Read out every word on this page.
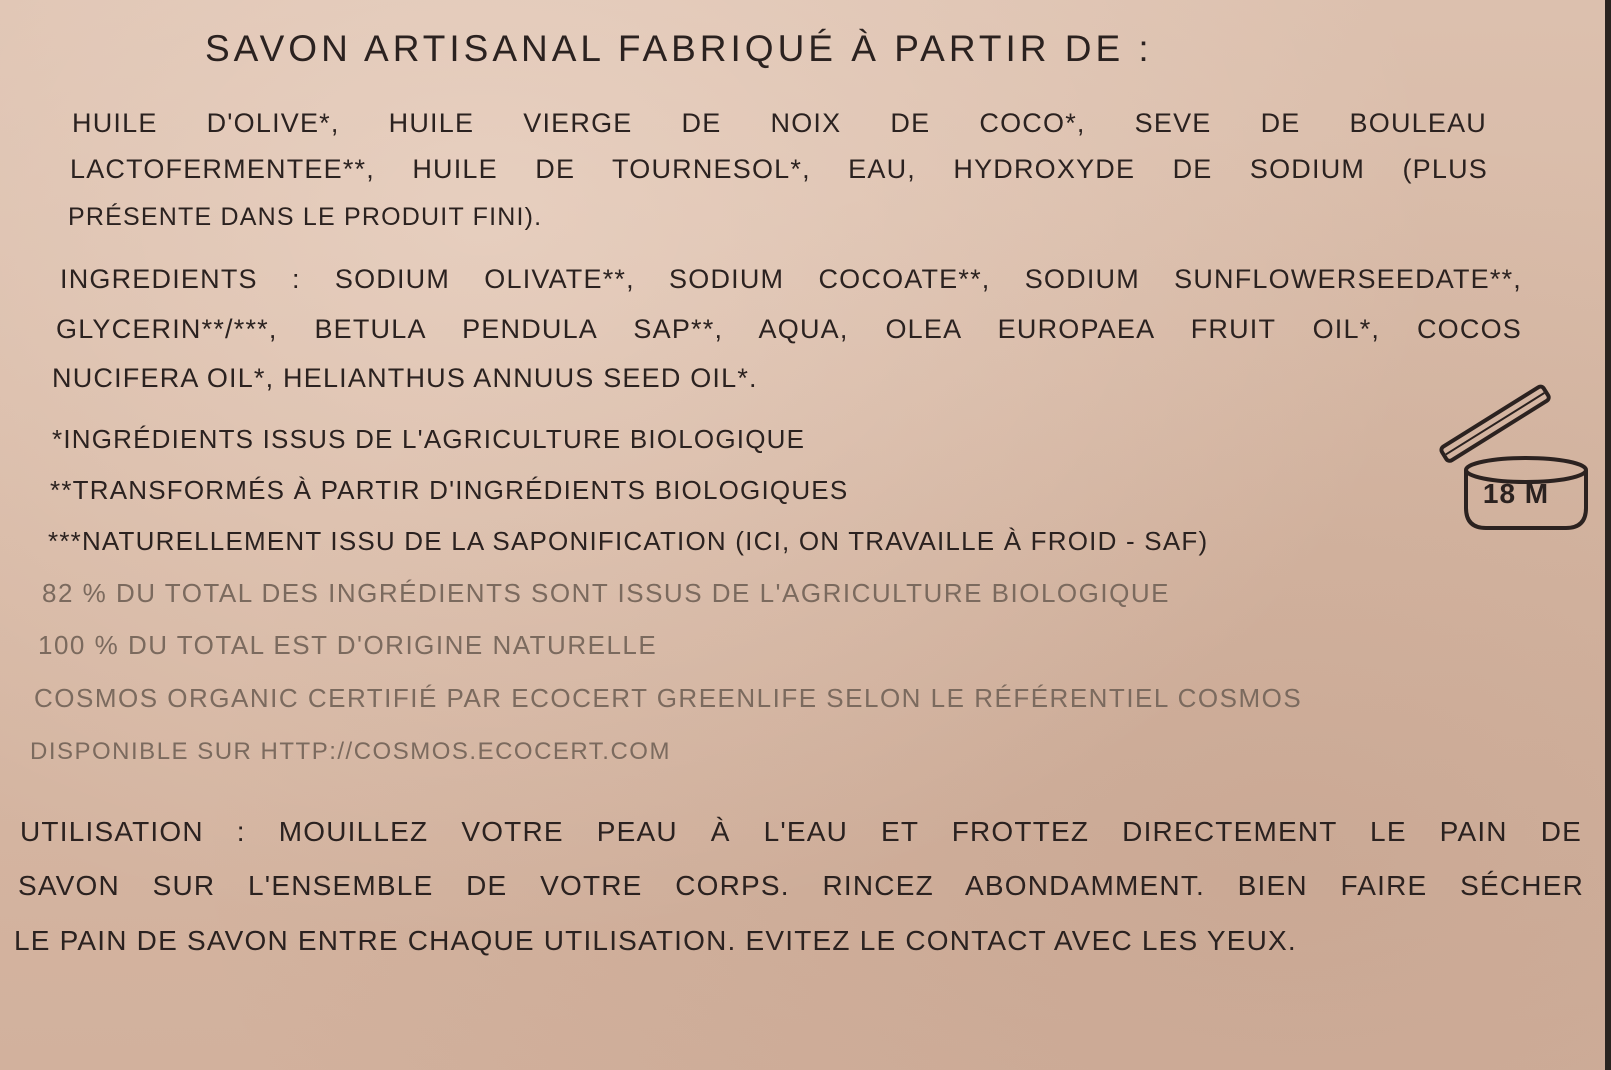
SAVON ARTISANAL FABRIQUÉ À PARTIR DE :
HUILE D'OLIVE*, HUILE VIERGE DE NOIX DE COCO*, SEVE DE BOULEAU
LACTOFERMENTEE**, HUILE DE TOURNESOL*, EAU, HYDROXYDE DE SODIUM (PLUS
PRÉSENTE DANS LE PRODUIT FINI).
INGREDIENTS : SODIUM OLIVATE**, SODIUM COCOATE**, SODIUM SUNFLOWERSEEDATE**,
GLYCERIN**/***, BETULA PENDULA SAP**, AQUA, OLEA EUROPAEA FRUIT OIL*, COCOS
NUCIFERA OIL*, HELIANTHUS ANNUUS SEED OIL*.
*INGRÉDIENTS ISSUS DE L'AGRICULTURE BIOLOGIQUE
**TRANSFORMÉS À PARTIR D'INGRÉDIENTS BIOLOGIQUES
***NATURELLEMENT ISSU DE LA SAPONIFICATION (ICI, ON TRAVAILLE À FROID - SAF)
82 % DU TOTAL DES INGRÉDIENTS SONT ISSUS DE L'AGRICULTURE BIOLOGIQUE
100 % DU TOTAL EST D'ORIGINE NATURELLE
COSMOS ORGANIC CERTIFIÉ PAR ECOCERT GREENLIFE SELON LE RÉFÉRENTIEL COSMOS
DISPONIBLE SUR HTTP://COSMOS.ECOCERT.COM
UTILISATION : MOUILLEZ VOTRE PEAU À L'EAU ET FROTTEZ DIRECTEMENT LE PAIN DE
SAVON SUR L'ENSEMBLE DE VOTRE CORPS. RINCEZ ABONDAMMENT. BIEN FAIRE SÉCHER
LE PAIN DE SAVON ENTRE CHAQUE UTILISATION. EVITEZ LE CONTACT AVEC LES YEUX.
18 M
